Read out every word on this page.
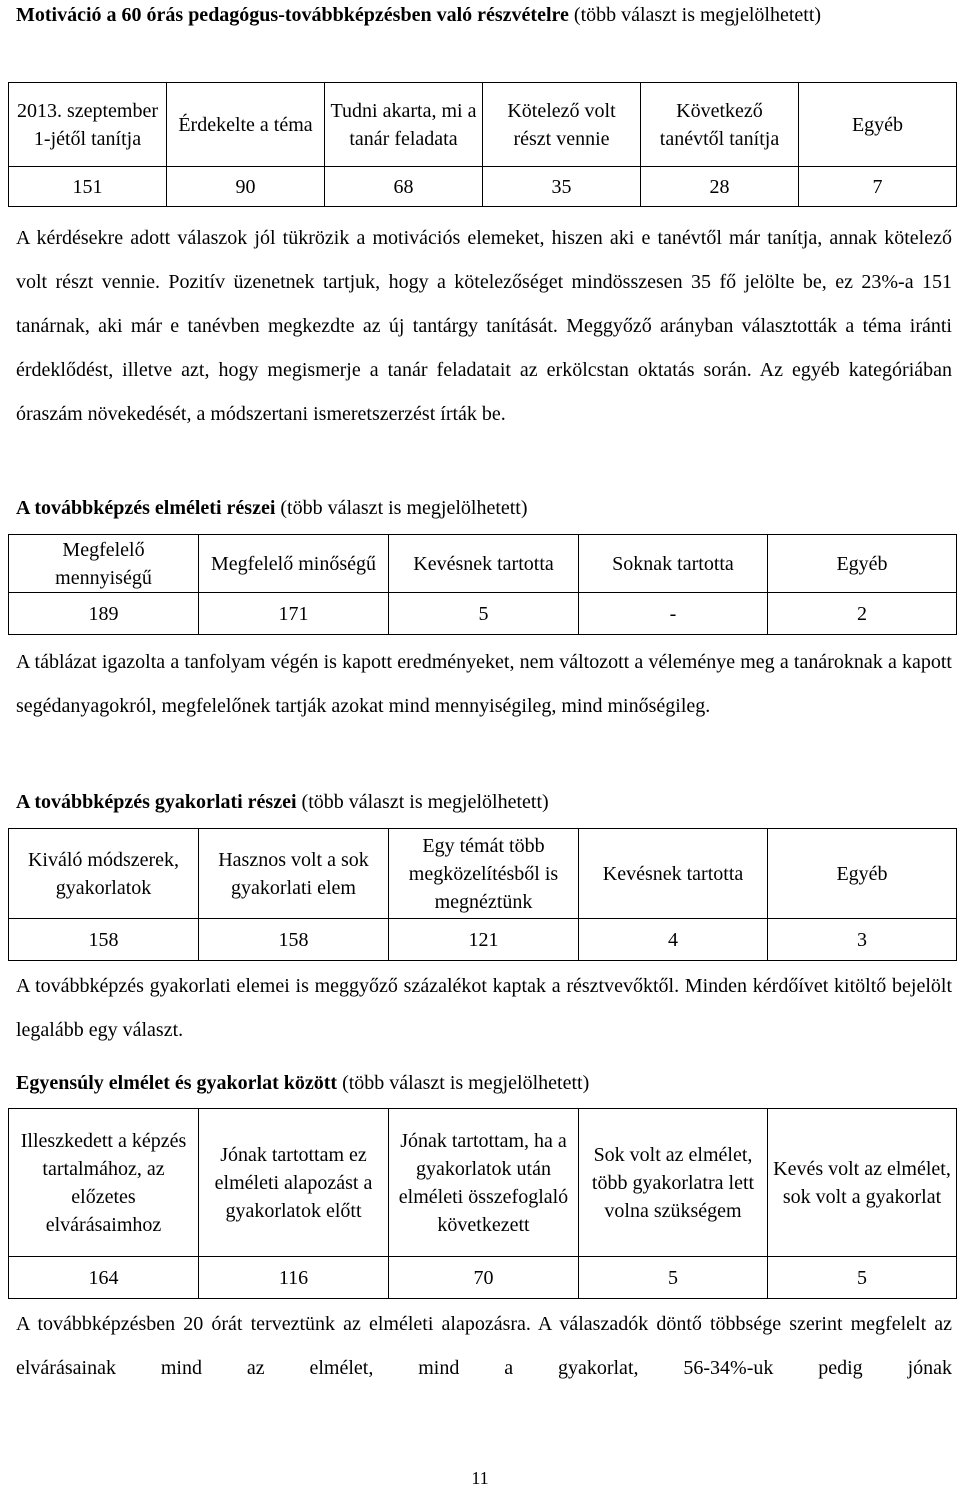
Motiváció a 60 órás pedagógus-továbbképzésben való részvételre (több választ is megjelölhetett)
2013. szeptember 1-jétől tanítja	Érdekelte a téma	Tudni akarta, mi a tanár feladata	Kötelező volt részt vennie	Következő tanévtől tanítja	Egyéb
151	90	68	35	28	7
A kérdésekre adott válaszok jól tükrözik a motivációs elemeket, hiszen aki e tanévtől már tanítja, annak kötelező volt részt vennie. Pozitív üzenetnek tartjuk, hogy a kötelezőséget mindösszesen 35 fő jelölte be, ez 23%-a 151 tanárnak, aki már e tanévben megkezdte az új tantárgy tanítását. Meggyőző arányban választották a téma iránti érdeklődést, illetve azt, hogy megismerje a tanár feladatait az erkölcstan oktatás során. Az egyéb kategóriában óraszám növekedését, a módszertani ismeretszerzést írták be.
A továbbképzés elméleti részei (több választ is megjelölhetett)
Megfelelő mennyiségű	Megfelelő minőségű	Kevésnek tartotta	Soknak tartotta	Egyéb
189	171	5	-	2
A táblázat igazolta a tanfolyam végén is kapott eredményeket, nem változott a véleménye meg a tanároknak a kapott segédanyagokról, megfelelőnek tartják azokat mind mennyiségileg, mind minőségileg.
A továbbképzés gyakorlati részei (több választ is megjelölhetett)
Kiváló módszerek, gyakorlatok	Hasznos volt a sok gyakorlati elem	Egy témát több megközelítésből is megnéztünk	Kevésnek tartotta	Egyéb
158	158	121	4	3
A továbbképzés gyakorlati elemei is meggyőző százalékot kaptak a résztvevőktől. Minden kérdőívet kitöltő bejelölt legalább egy választ.
Egyensúly elmélet és gyakorlat között (több választ is megjelölhetett)
Illeszkedett a képzés tartalmához, az előzetes elvárásaimhoz	Jónak tartottam ez elméleti alapozást a gyakorlatok előtt	Jónak tartottam, ha a gyakorlatok után elméleti összefoglaló következett	Sok volt az elmélet, több gyakorlatra lett volna szükségem	Kevés volt az elmélet, sok volt a gyakorlat
164	116	70	5	5
A továbbképzésben 20 órát terveztünk az elméleti alapozásra. A válaszadók döntő többsége szerint megfelelt az elvárásainak mind az elmélet, mind a gyakorlat, 56-34%-uk pedig jónak
11
